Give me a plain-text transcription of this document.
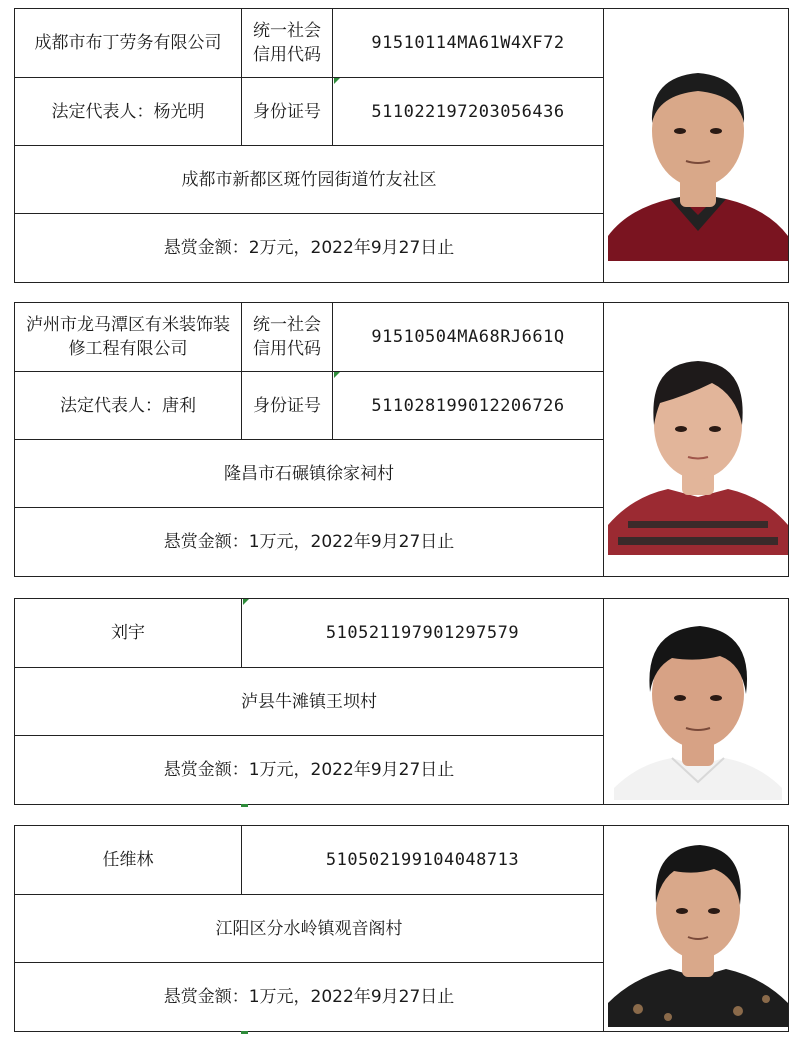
成都市布丁劳务有限公司	统一社会信用代码	91510114MA61W4XF72	

法定代表人：杨光明	身份证号	511022197203056436	
成都市新都区斑竹园街道竹友社区			
悬赏金额：2万元，2022年9月27日止			
泸州市龙马潭区有米装饰装修工程有限公司	统一社会信用代码	91510504MA68RJ661Q	

法定代表人：唐利	身份证号	511028199012206726	
隆昌市石碾镇徐家祠村			
悬赏金额：1万元，2022年9月27日止			
刘宇	510521197901297579	

泸县牛滩镇王坝村
悬赏金额：1万元，2022年9月27日止
任维林	510502199104048713	

江阳区分水岭镇观音阁村
悬赏金额：1万元，2022年9月27日止
